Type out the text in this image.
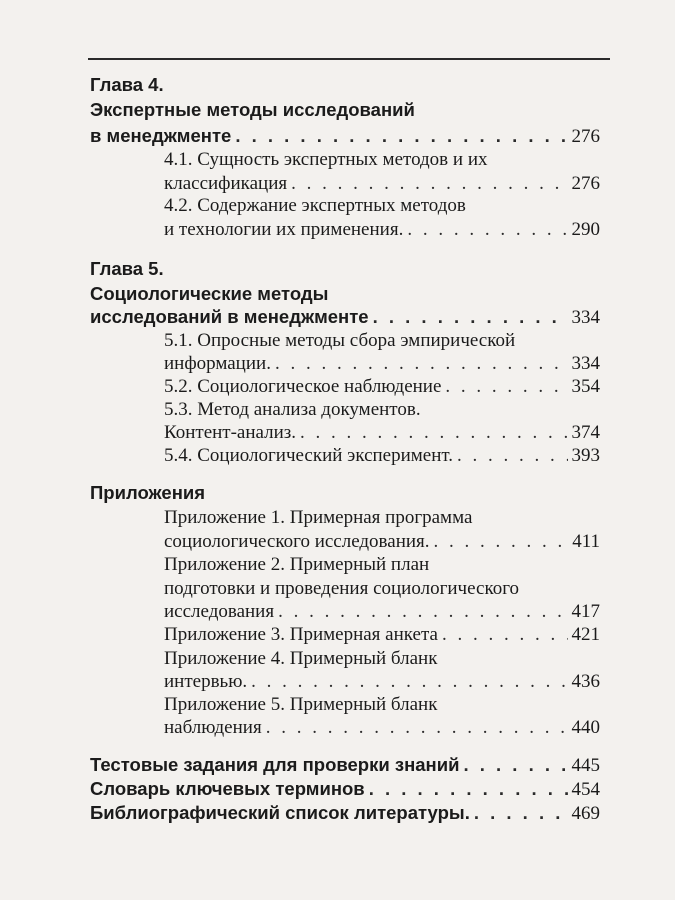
Глава 4.
Экспертные методы исследований
в менеджменте . . .	276
4.1. Сущность экспертных методов и их
классификация . . .	276
4.2. Содержание экспертных методов
и технологии их применения. . . .	290
Глава 5.
Социологические методы
исследований в менеджменте . . .	334
5.1. Опросные методы сбора эмпирической
информации. . . .	334
5.2. Социологическое наблюдение . . .	354
5.3. Метод анализа документов.
Контент-анализ. . . .	374
5.4. Социологический эксперимент. . . .	393
Приложения
Приложение 1. Примерная программа
социологического исследования. . . .	411
Приложение 2. Примерный план
подготовки и проведения социологического
исследования . . .	417
Приложение 3. Примерная анкета . . .	421
Приложение 4. Примерный бланк
интервью. . . .	436
Приложение 5. Примерный бланк
наблюдения . . .	440
Тестовые задания для проверки знаний . . .	445
Словарь ключевых терминов . . .	454
Библиографический список литературы. . . .	469
